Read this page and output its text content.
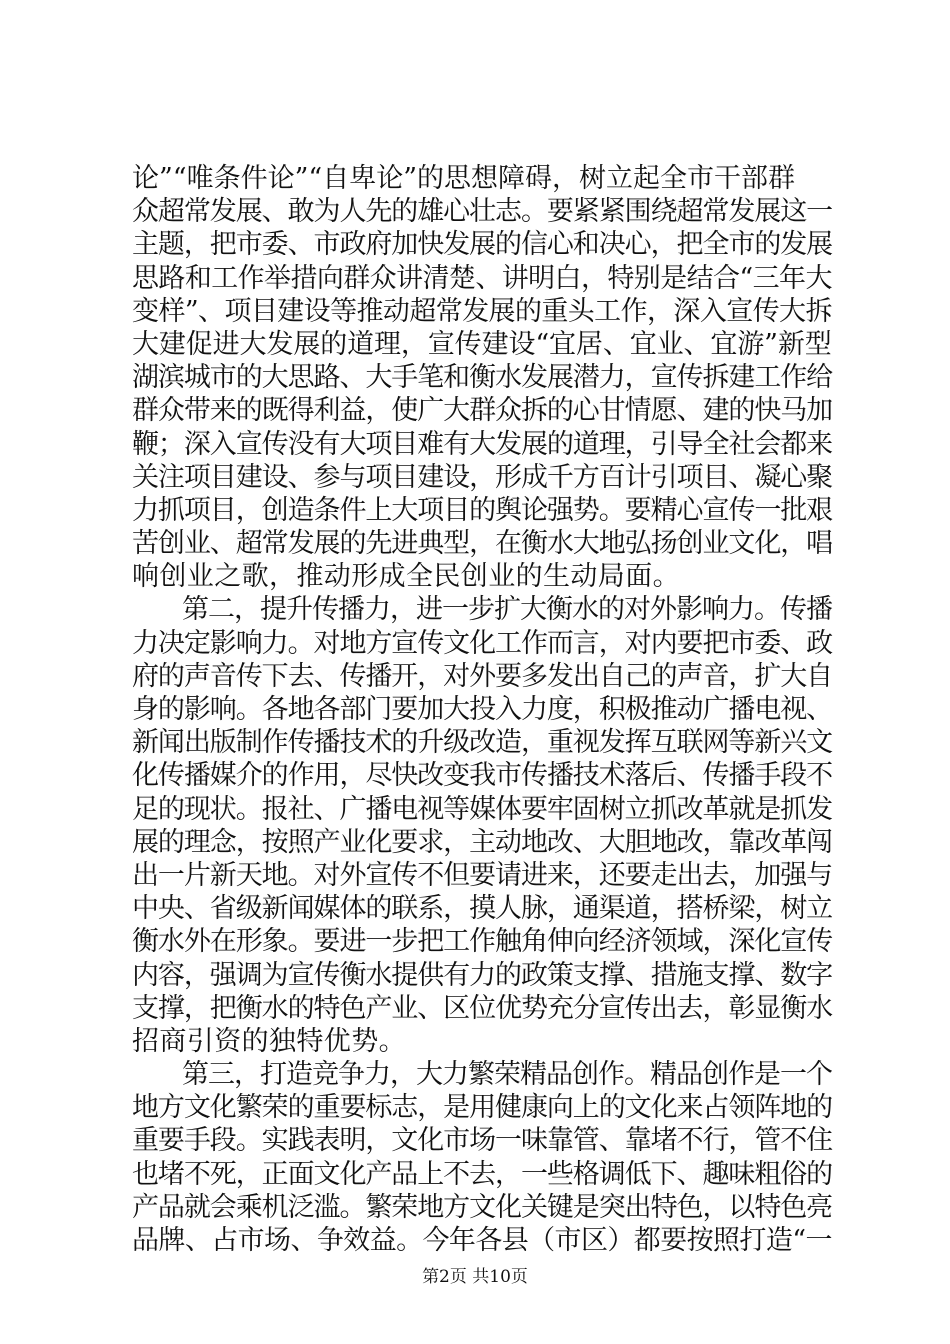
论”“唯条件论”“自卑论”的思想障碍，树立起全市干部群
众超常发展、敢为人先的雄心壮志。要紧紧围绕超常发展这一
主题，把市委、市政府加快发展的信心和决心，把全市的发展
思路和工作举措向群众讲清楚、讲明白，特别是结合“三年大
变样”、项目建设等推动超常发展的重头工作，深入宣传大拆
大建促进大发展的道理，宣传建设“宜居、宜业、宜游”新型
湖滨城市的大思路、大手笔和衡水发展潜力，宣传拆建工作给
群众带来的既得利益，使广大群众拆的心甘情愿、建的快马加
鞭；深入宣传没有大项目难有大发展的道理，引导全社会都来
关注项目建设、参与项目建设，形成千方百计引项目、凝心聚
力抓项目，创造条件上大项目的舆论强势。要精心宣传一批艰
苦创业、超常发展的先进典型，在衡水大地弘扬创业文化，唱
响创业之歌，推动形成全民创业的生动局面。
第二，提升传播力，进一步扩大衡水的对外影响力。传播
力决定影响力。对地方宣传文化工作而言，对内要把市委、政
府的声音传下去、传播开，对外要多发出自己的声音，扩大自
身的影响。各地各部门要加大投入力度，积极推动广播电视、
新闻出版制作传播技术的升级改造，重视发挥互联网等新兴文
化传播媒介的作用，尽快改变我市传播技术落后、传播手段不
足的现状。报社、广播电视等媒体要牢固树立抓改革就是抓发
展的理念，按照产业化要求，主动地改、大胆地改，靠改革闯
出一片新天地。对外宣传不但要请进来，还要走出去，加强与
中央、省级新闻媒体的联系，摸人脉，通渠道，搭桥梁，树立
衡水外在形象。要进一步把工作触角伸向经济领域，深化宣传
内容，强调为宣传衡水提供有力的政策支撑、措施支撑、数字
支撑，把衡水的特色产业、区位优势充分宣传出去，彰显衡水
招商引资的独特优势。
第三，打造竞争力，大力繁荣精品创作。精品创作是一个
地方文化繁荣的重要标志，是用健康向上的文化来占领阵地的
重要手段。实践表明，文化市场一味靠管、靠堵不行，管不住
也堵不死，正面文化产品上不去，一些格调低下、趣味粗俗的
产品就会乘机泛滥。繁荣地方文化关键是突出特色，以特色亮
品牌、占市场、争效益。今年各县（市区）都要按照打造“一
第2页 共10页
